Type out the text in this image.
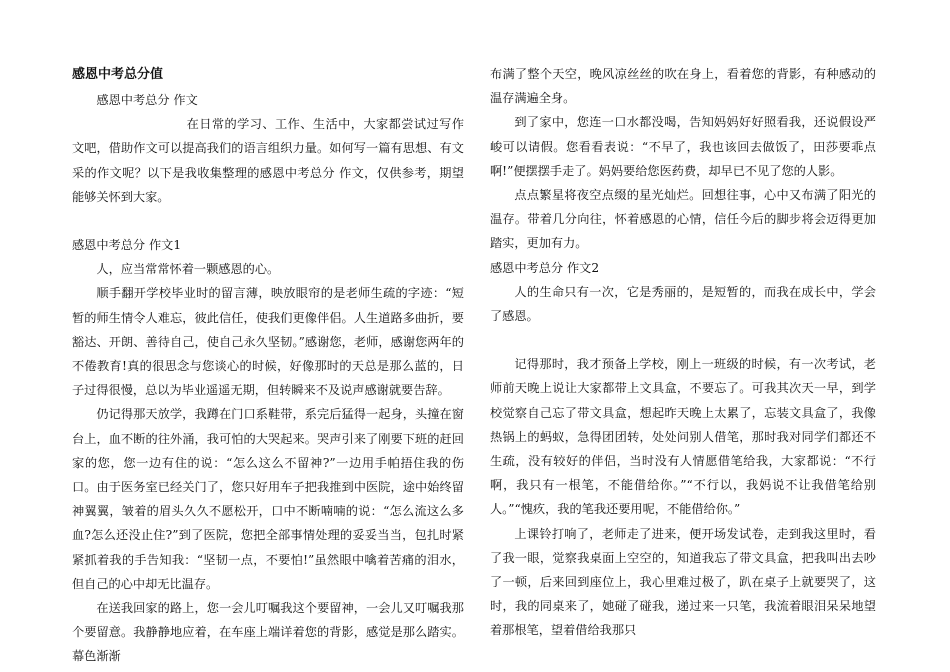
感恩中考总分值

感恩中考总分 作文

在日常的学习、工作、生活中，大家都尝试过写作文吧，借助作文可以提高我们的语言组织力量。如何写一篇有思想、有文采的作文呢？以下是我收集整理的感恩中考总分 作文，仅供参考，期望能够关怀到大家。

感恩中考总分 作文1

人，应当常常怀着一颗感恩的心。

顺手翻开学校毕业时的留言薄，映放眼帘的是老师生疏的字迹：“短暂的师生情令人难忘，彼此信任，使我们更像伴侣。人生道路多曲折，要豁达、开朗、善待自己，使自己永久坚韧。”感谢您，老师，感谢您两年的不倦教育!真的很思念与您谈心的时候，好像那时的天总是那么蓝的，日子过得很慢，总以为毕业遥遥无期，但转瞬来不及说声感谢就要告辞。

仍记得那天放学，我蹲在门口系鞋带，系完后猛得一起身，头撞在窗台上，血不断的往外涌，我可怕的大哭起来。哭声引来了刚要下班的赶回家的您，您一边有住的说：“怎么这么不留神?”一边用手帕捂住我的伤口。由于医务室已经关门了，您只好用车子把我推到中医院，途中始终留神翼翼，皱着的眉头久久不愿松开，口中不断喃喃的说：“怎么流这么多血?怎么还没止住?”到了医院，您把全部事情处理的妥妥当当，包扎时紧紧抓着我的手告知我：“坚韧一点，不要怕!”虽然眼中噙着苦痛的泪水，但自己的心中却无比温存。

在送我回家的路上，您一会儿叮嘱我这个要留神，一会儿又叮嘱我那个要留意。我静静地应着，在车座上端详着您的背影，感觉是那么踏实。幕色渐渐

布满了整个天空，晚风凉丝丝的吹在身上，看着您的背影，有种感动的温存满遍全身。

到了家中，您连一口水都没喝，告知妈妈好好照看我，还说假设严峻可以请假。您看看表说：“不早了，我也该回去做饭了，田莎要乖点啊!”便摆摆手走了。妈妈要给您医药费，却早已不见了您的人影。

点点繁星将夜空点缀的星光灿烂。回想往事，心中又布满了阳光的温存。带着几分向往，怀着感恩的心情，信任今后的脚步将会迈得更加踏实，更加有力。

感恩中考总分 作文2

人的生命只有一次，它是秀丽的，是短暂的，而我在成长中，学会了感恩。

记得那时，我才预备上学校，刚上一班级的时候，有一次考试，老师前天晚上说让大家都带上文具盒，不要忘了。可我其次天一早，到学校觉察自己忘了带文具盒，想起昨天晚上太累了，忘装文具盒了，我像热锅上的蚂蚁，急得团团转，处处问别人借笔，那时我对同学们都还不生疏，没有较好的伴侣，当时没有人情愿借笔给我，大家都说：“不行啊，我只有一根笔，不能借给你。”“不行以，我妈说不让我借笔给别人。”“愧疚，我的笔我还要用呢，不能借给你。”

上课铃打响了，老师走了进来，便开场发试卷，走到我这里时，看了我一眼，觉察我桌面上空空的，知道我忘了带文具盒，把我叫出去吵了一顿，后来回到座位上，我心里难过极了，趴在桌子上就要哭了，这时，我的同桌来了，她碰了碰我，递过来一只笔，我流着眼泪呆呆地望着那根笔，望着借给我那只
